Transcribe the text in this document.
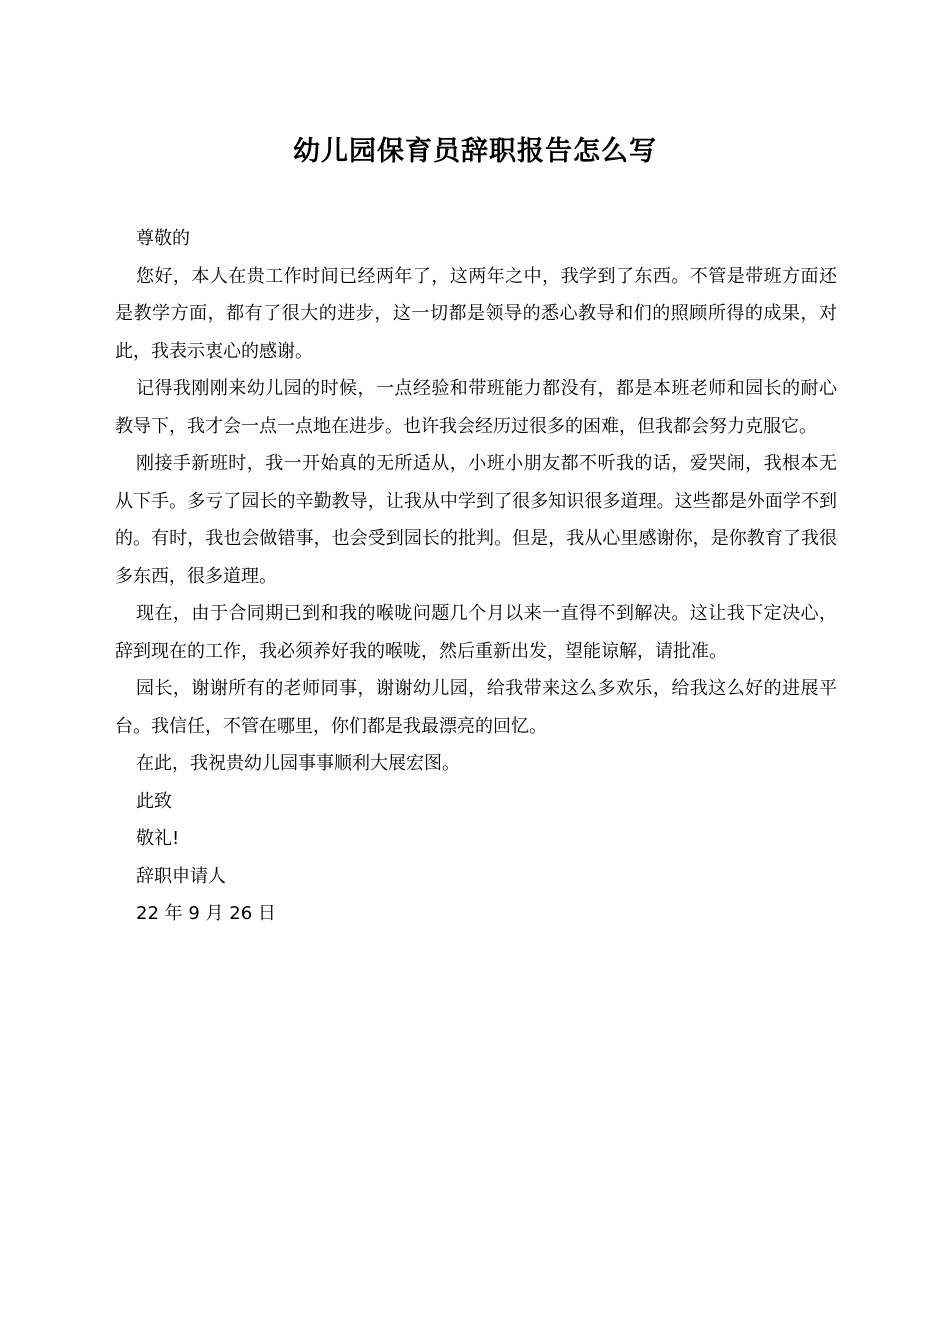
幼儿园保育员辞职报告怎么写

尊敬的

您好，本人在贵工作时间已经两年了，这两年之中，我学到了东西。不管是带班方面还是教学方面，都有了很大的进步，这一切都是领导的悉心教导和们的照顾所得的成果，对此，我表示衷心的感谢。

记得我刚刚来幼儿园的时候，一点经验和带班能力都没有，都是本班老师和园长的耐心教导下，我才会一点一点地在进步。也许我会经历过很多的困难，但我都会努力克服它。

刚接手新班时，我一开始真的无所适从，小班小朋友都不听我的话，爱哭闹，我根本无从下手。多亏了园长的辛勤教导，让我从中学到了很多知识很多道理。这些都是外面学不到的。有时，我也会做错事，也会受到园长的批判。但是，我从心里感谢你，是你教育了我很多东西，很多道理。

现在，由于合同期已到和我的喉咙问题几个月以来一直得不到解决。这让我下定决心，辞到现在的工作，我必须养好我的喉咙，然后重新出发，望能谅解，请批准。

园长，谢谢所有的老师同事，谢谢幼儿园，给我带来这么多欢乐，给我这么好的进展平台。我信任，不管在哪里，你们都是我最漂亮的回忆。

在此，我祝贵幼儿园事事顺利大展宏图。

此致

敬礼!

辞职申请人

22 年 9 月 26 日
